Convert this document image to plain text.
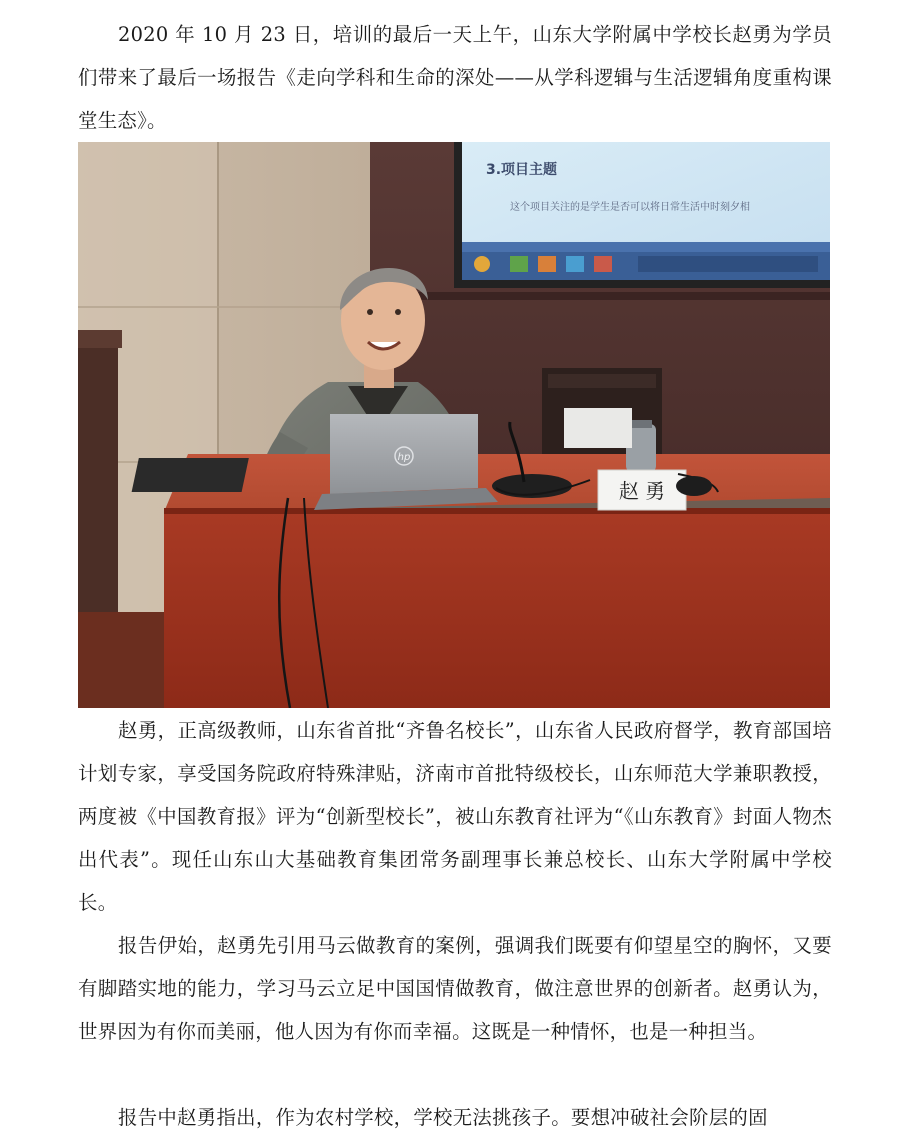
2020 年 10 月 23 日，培训的最后一天上午，山东大学附属中学校长赵勇为学员们带来了最后一场报告《走向学科和生命的深处——从学科逻辑与生活逻辑角度重构课堂生态》。

3.项目主题
这个项目关注的是学生是否可以将日常生活中时刻夕相
hp
赵 勇

赵勇，正高级教师，山东省首批“齐鲁名校长”，山东省人民政府督学，教育部国培计划专家，享受国务院政府特殊津贴，济南市首批特级校长，山东师范大学兼职教授，两度被《中国教育报》评为“创新型校长”，被山东教育社评为“《山东教育》封面人物杰出代表”。现任山东山大基础教育集团常务副理事长兼总校长、山东大学附属中学校长。

报告伊始，赵勇先引用马云做教育的案例，强调我们既要有仰望星空的胸怀，又要有脚踏实地的能力，学习马云立足中国国情做教育，做注意世界的创新者。赵勇认为，世界因为有你而美丽，他人因为有你而幸福。这既是一种情怀，也是一种担当。

报告中赵勇指出，作为农村学校，学校无法挑孩子。要想冲破社会阶层的固
